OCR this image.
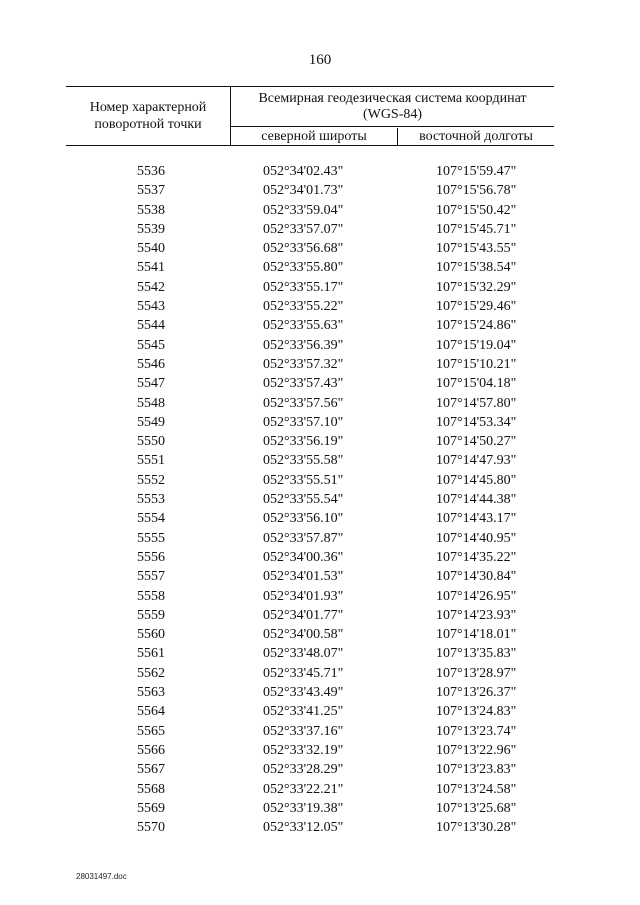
160
Номер характерной поворотной точки
Всемирная геодезическая система координат
(WGS-84)
северной широты	восточной долготы
5536	052°34'02.43"	107°15'59.47"
5537	052°34'01.73"	107°15'56.78"
5538	052°33'59.04"	107°15'50.42"
5539	052°33'57.07"	107°15'45.71"
5540	052°33'56.68"	107°15'43.55"
5541	052°33'55.80"	107°15'38.54"
5542	052°33'55.17"	107°15'32.29"
5543	052°33'55.22"	107°15'29.46"
5544	052°33'55.63"	107°15'24.86"
5545	052°33'56.39"	107°15'19.04"
5546	052°33'57.32"	107°15'10.21"
5547	052°33'57.43"	107°15'04.18"
5548	052°33'57.56"	107°14'57.80"
5549	052°33'57.10"	107°14'53.34"
5550	052°33'56.19"	107°14'50.27"
5551	052°33'55.58"	107°14'47.93"
5552	052°33'55.51"	107°14'45.80"
5553	052°33'55.54"	107°14'44.38"
5554	052°33'56.10"	107°14'43.17"
5555	052°33'57.87"	107°14'40.95"
5556	052°34'00.36"	107°14'35.22"
5557	052°34'01.53"	107°14'30.84"
5558	052°34'01.93"	107°14'26.95"
5559	052°34'01.77"	107°14'23.93"
5560	052°34'00.58"	107°14'18.01"
5561	052°33'48.07"	107°13'35.83"
5562	052°33'45.71"	107°13'28.97"
5563	052°33'43.49"	107°13'26.37"
5564	052°33'41.25"	107°13'24.83"
5565	052°33'37.16"	107°13'23.74"
5566	052°33'32.19"	107°13'22.96"
5567	052°33'28.29"	107°13'23.83"
5568	052°33'22.21"	107°13'24.58"
5569	052°33'19.38"	107°13'25.68"
5570	052°33'12.05"	107°13'30.28"
28031497.doc
